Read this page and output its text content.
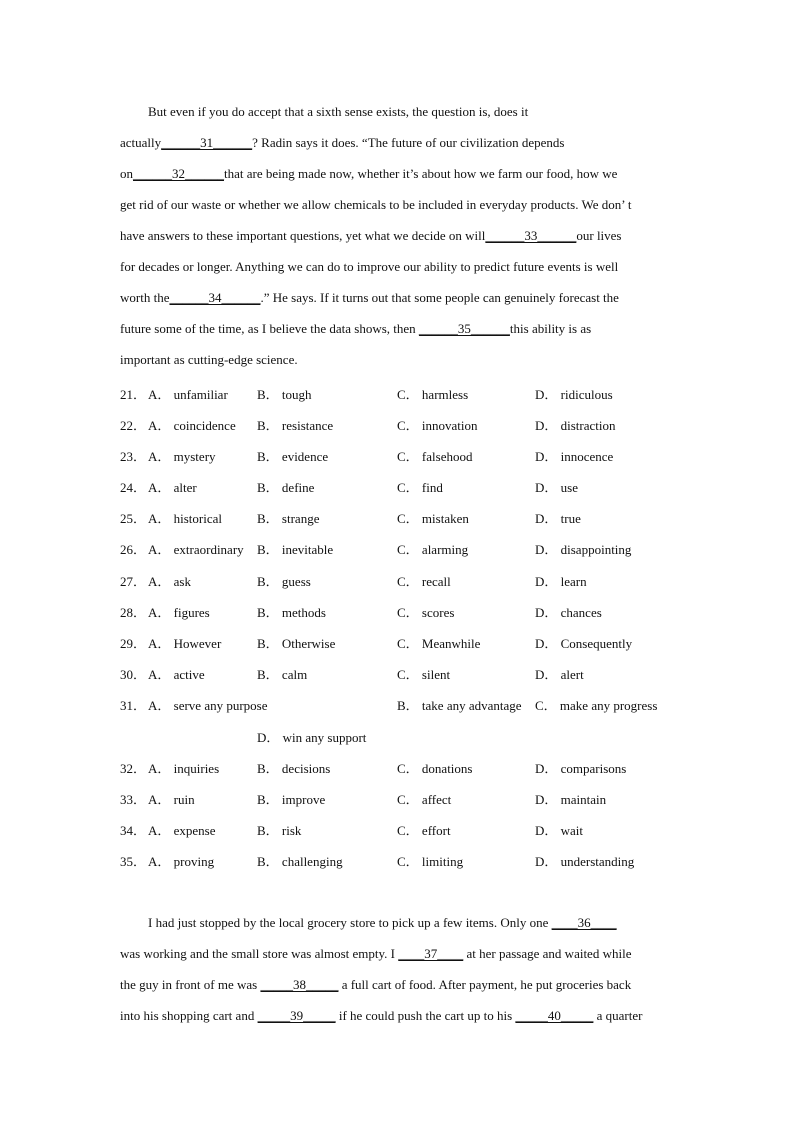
But even if you do accept that a sixth sense exists, the question is, does it
actually______31______? Radin says it does. “The future of our civilization depends
on______32______that are being made now, whether it’s about how we farm our food, how we
get rid of our waste or whether we allow chemicals to be included in everyday products. We don’ t
have answers to these important questions, yet what we decide on will______33______our lives
for decades or longer. Anything we can do to improve our ability to predict future events is well
worth the______34______.” He says. If it turns out that some people can genuinely forecast the
future some of the time, as I believe the data shows, then ______35______this ability is as
important as cutting-edge science.
21． A． unfamiliar B． tough	C． harmless	D． ridiculous
22． A． coincidence B． resistance	C． innovation	D． distraction
23． A． mystery	B． evidence	C． falsehood	D． innocence
24． A． alter	B． define	C． find	D． use
25． A． historical	B． strange	C． mistaken	D． true
26． A． extraordinary B． inevitable	C． alarming	D． disappointing
27． A． ask	B． guess	C． recall	D． learn
28． A． figures	B． methods	C． scores	D． chances
29． A． However	B． Otherwise	C． Meanwhile	D． Consequently
30． A． active	B． calm	C． silent	D． alert
31． A． serve any purpose	B． take any advantage C． make any progress
D． win any support
32． A． inquiries	B． decisions	C． donations	D． comparisons
33． A． ruin	B． improve	C． affect	D． maintain
34． A． expense	B． risk	C． effort	D． wait
35． A． proving	B． challenging	C． limiting	D． understanding
I had just stopped by the local grocery store to pick up a few items. Only one ____36____
was working and the small store was almost empty. I ____37____ at her passage and waited while
the guy in front of me was _____38_____ a full cart of food. After payment, he put groceries back
into his shopping cart and _____39_____ if he could push the cart up to his _____40_____ a quarter
